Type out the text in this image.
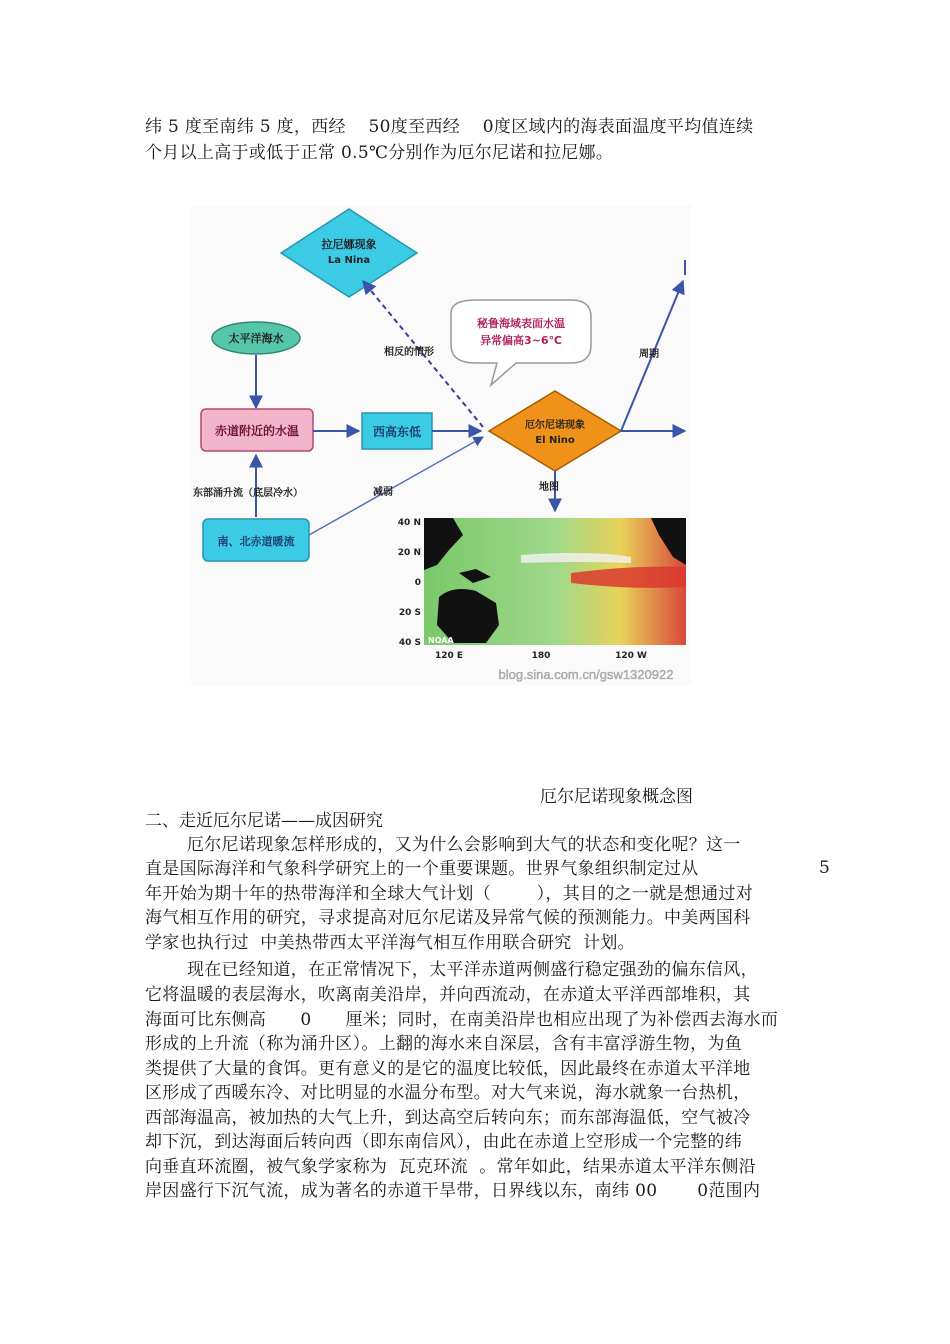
纬 5 度至南纬 5 度，西经    50度至西经    0度区域内的海表面温度平均值连续
个月以上高于或低于正常 0.5℃分别作为厄尔尼诺和拉尼娜。
拉尼娜现象
La Nina
相反的情形
太平洋海水
赤道附近的水温	西高东低
秘鲁海域表面水温
异常偏高3~6℃
厄尔尼诺现象
El Nino
周期
地图
东部涌升流（底层冷水）
南、北赤道暖流
减弱
NOAA
40 N
20 N
0
20 S
40 S
120 E	180	120 W
blog.sina.com.cn/gsw1320922
厄尔尼诺现象概念图
二、走近厄尔尼诺——成因研究
厄尔尼诺现象怎样形成的，又为什么会影响到大气的状态和变化呢？这一
直是国际海洋和气象科学研究上的一个重要课题。世界气象组织制定过从	5
年开始为期十年的热带海洋和全球大气计划（        ），其目的之一就是想通过对
海气相互作用的研究，寻求提高对厄尔尼诺及异常气候的预测能力。中美两国科
学家也执行过  中美热带西太平洋海气相互作用联合研究  计划。
现在已经知道，在正常情况下，太平洋赤道两侧盛行稳定强劲的偏东信风，
它将温暖的表层海水，吹离南美沿岸，并向西流动，在赤道太平洋西部堆积，其
海面可比东侧高      0      厘米；同时，在南美沿岸也相应出现了为补偿西去海水而
形成的上升流（称为涌升区）。上翻的海水来自深层，含有丰富浮游生物，为鱼
类提供了大量的食饵。更有意义的是它的温度比较低，因此最终在赤道太平洋地
区形成了西暖东冷、对比明显的水温分布型。对大气来说，海水就象一台热机，
西部海温高，被加热的大气上升，到达高空后转向东；而东部海温低，空气被冷
却下沉，到达海面后转向西（即东南信风），由此在赤道上空形成一个完整的纬
向垂直环流圈，被气象学家称为  瓦克环流  。常年如此，结果赤道太平洋东侧沿
岸因盛行下沉气流，成为著名的赤道干旱带，日界线以东，南纬 00       0范围内
